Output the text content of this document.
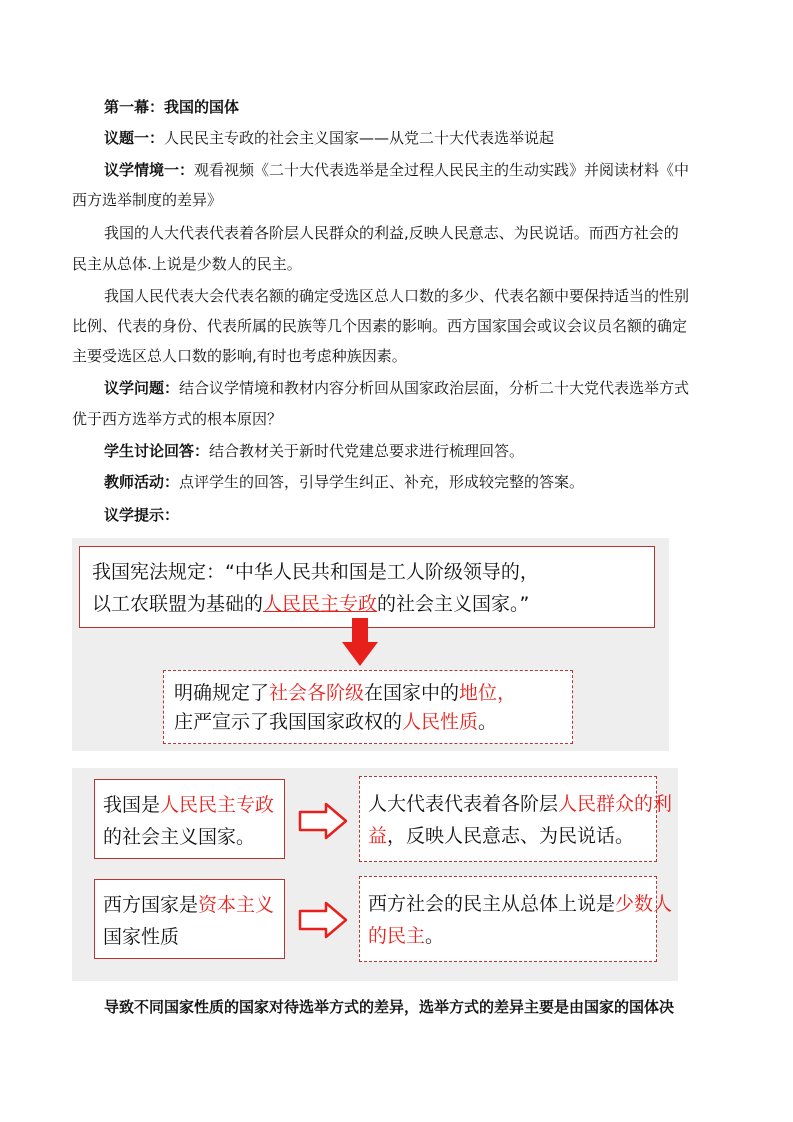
第一幕：我国的国体
议题一：人民民主专政的社会主义国家——从党二十大代表选举说起
议学情境一：观看视频《二十大代表选举是全过程人民民主的生动实践》并阅读材料《中
西方选举制度的差异》
我国的人大代表代表着各阶层人民群众的利益,反映人民意志、为民说话。而西方社会的
民主从总体.上说是少数人的民主。
我国人民代表大会代表名额的确定受选区总人口数的多少、代表名额中要保持适当的性别
比例、代表的身份、代表所属的民族等几个因素的影响。西方国家国会或议会议员名额的确定
主要受选区总人口数的影响,有时也考虑种族因素。
议学问题：结合议学情境和教材内容分析回从国家政治层面，分析二十大党代表选举方式
优于西方选举方式的根本原因？
学生讨论回答：结合教材关于新时代党建总要求进行梳理回答。
教师活动：点评学生的回答，引导学生纠正、补充，形成较完整的答案。
议学提示：
我国宪法规定：“中华人民共和国是工人阶级领导的，
以工农联盟为基础的人民民主专政的社会主义国家。”
明确规定了社会各阶级在国家中的地位，
庄严宣示了我国国家政权的人民性质。
我国是人民民主专政
的社会主义国家。
人大代表代表着各阶层人民群众的利
益，反映人民意志、为民说话。
西方国家是资本主义
国家性质
西方社会的民主从总体上说是少数人
的民主。
导致不同国家性质的国家对待选举方式的差异，选举方式的差异主要是由国家的国体决
